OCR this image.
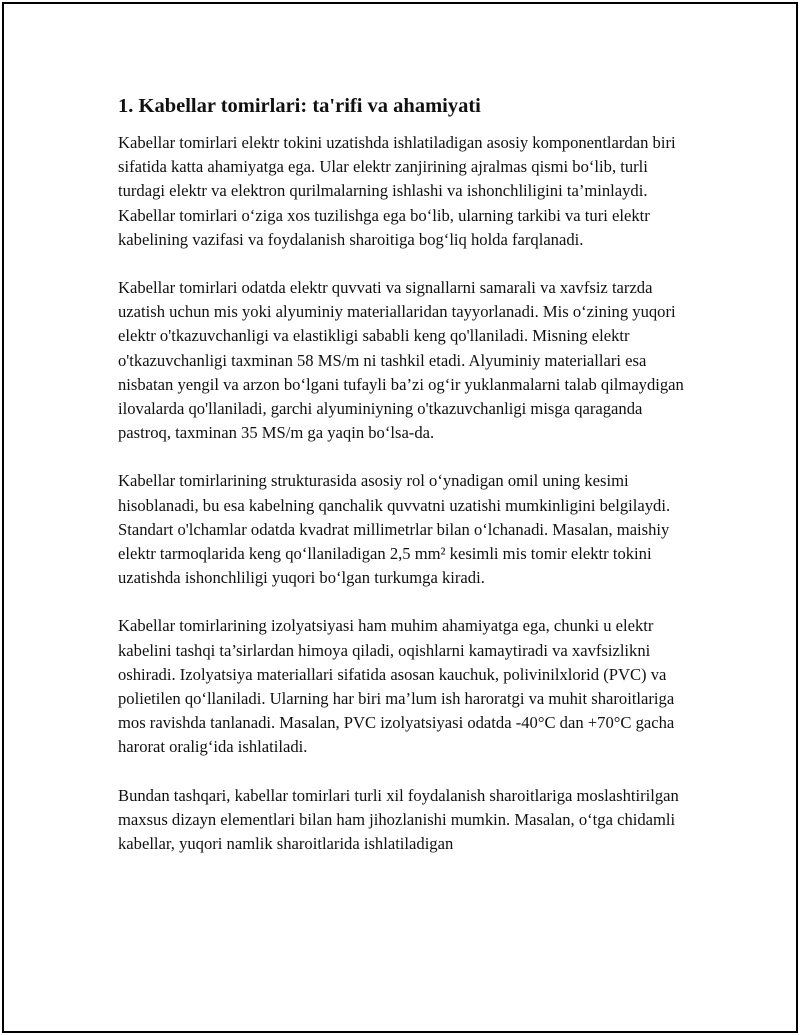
1. Kabellar tomirlari: ta'rifi va ahamiyati

Kabellar tomirlari elektr tokini uzatishda ishlatiladigan asosiy komponentlardan biri sifatida katta ahamiyatga ega. Ular elektr zanjirining ajralmas qismi bo‘lib, turli turdagi elektr va elektron qurilmalarning ishlashi va ishonchliligini ta’minlaydi. Kabellar tomirlari o‘ziga xos tuzilishga ega bo‘lib, ularning tarkibi va turi elektr kabelining vazifasi va foydalanish sharoitiga bog‘liq holda farqlanadi.

Kabellar tomirlari odatda elektr quvvati va signallarni samarali va xavfsiz tarzda uzatish uchun mis yoki alyuminiy materiallaridan tayyorlanadi. Mis o‘zining yuqori elektr o'tkazuvchanligi va elastikligi sababli keng qo'llaniladi. Misning elektr o'tkazuvchanligi taxminan 58 MS/m ni tashkil etadi. Alyuminiy materiallari esa nisbatan yengil va arzon bo‘lgani tufayli ba’zi og‘ir yuklanmalarni talab qilmaydigan ilovalarda qo'llaniladi, garchi alyuminiyning o'tkazuvchanligi misga qaraganda pastroq, taxminan 35 MS/m ga yaqin bo‘lsa-da.

Kabellar tomirlarining strukturasida asosiy rol o‘ynadigan omil uning kesimi hisoblanadi, bu esa kabelning qanchalik quvvatni uzatishi mumkinligini belgilaydi. Standart o'lchamlar odatda kvadrat millimetrlar bilan o‘lchanadi. Masalan, maishiy elektr tarmoqlarida keng qo‘llaniladigan 2,5 mm² kesimli mis tomir elektr tokini uzatishda ishonchliligi yuqori bo‘lgan turkumga kiradi.

Kabellar tomirlarining izolyatsiyasi ham muhim ahamiyatga ega, chunki u elektr kabelini tashqi ta’sirlardan himoya qiladi, oqishlarni kamaytiradi va xavfsizlikni oshiradi. Izolyatsiya materiallari sifatida asosan kauchuk, polivinilxlorid (PVC) va polietilen qo‘llaniladi. Ularning har biri ma’lum ish haroratgi va muhit sharoitlariga mos ravishda tanlanadi. Masalan, PVC izolyatsiyasi odatda -40°C dan +70°C gacha harorat oralig‘ida ishlatiladi.

Bundan tashqari, kabellar tomirlari turli xil foydalanish sharoitlariga moslashtirilgan maxsus dizayn elementlari bilan ham jihozlanishi mumkin. Masalan, o‘tga chidamli kabellar, yuqori namlik sharoitlarida ishlatiladigan
